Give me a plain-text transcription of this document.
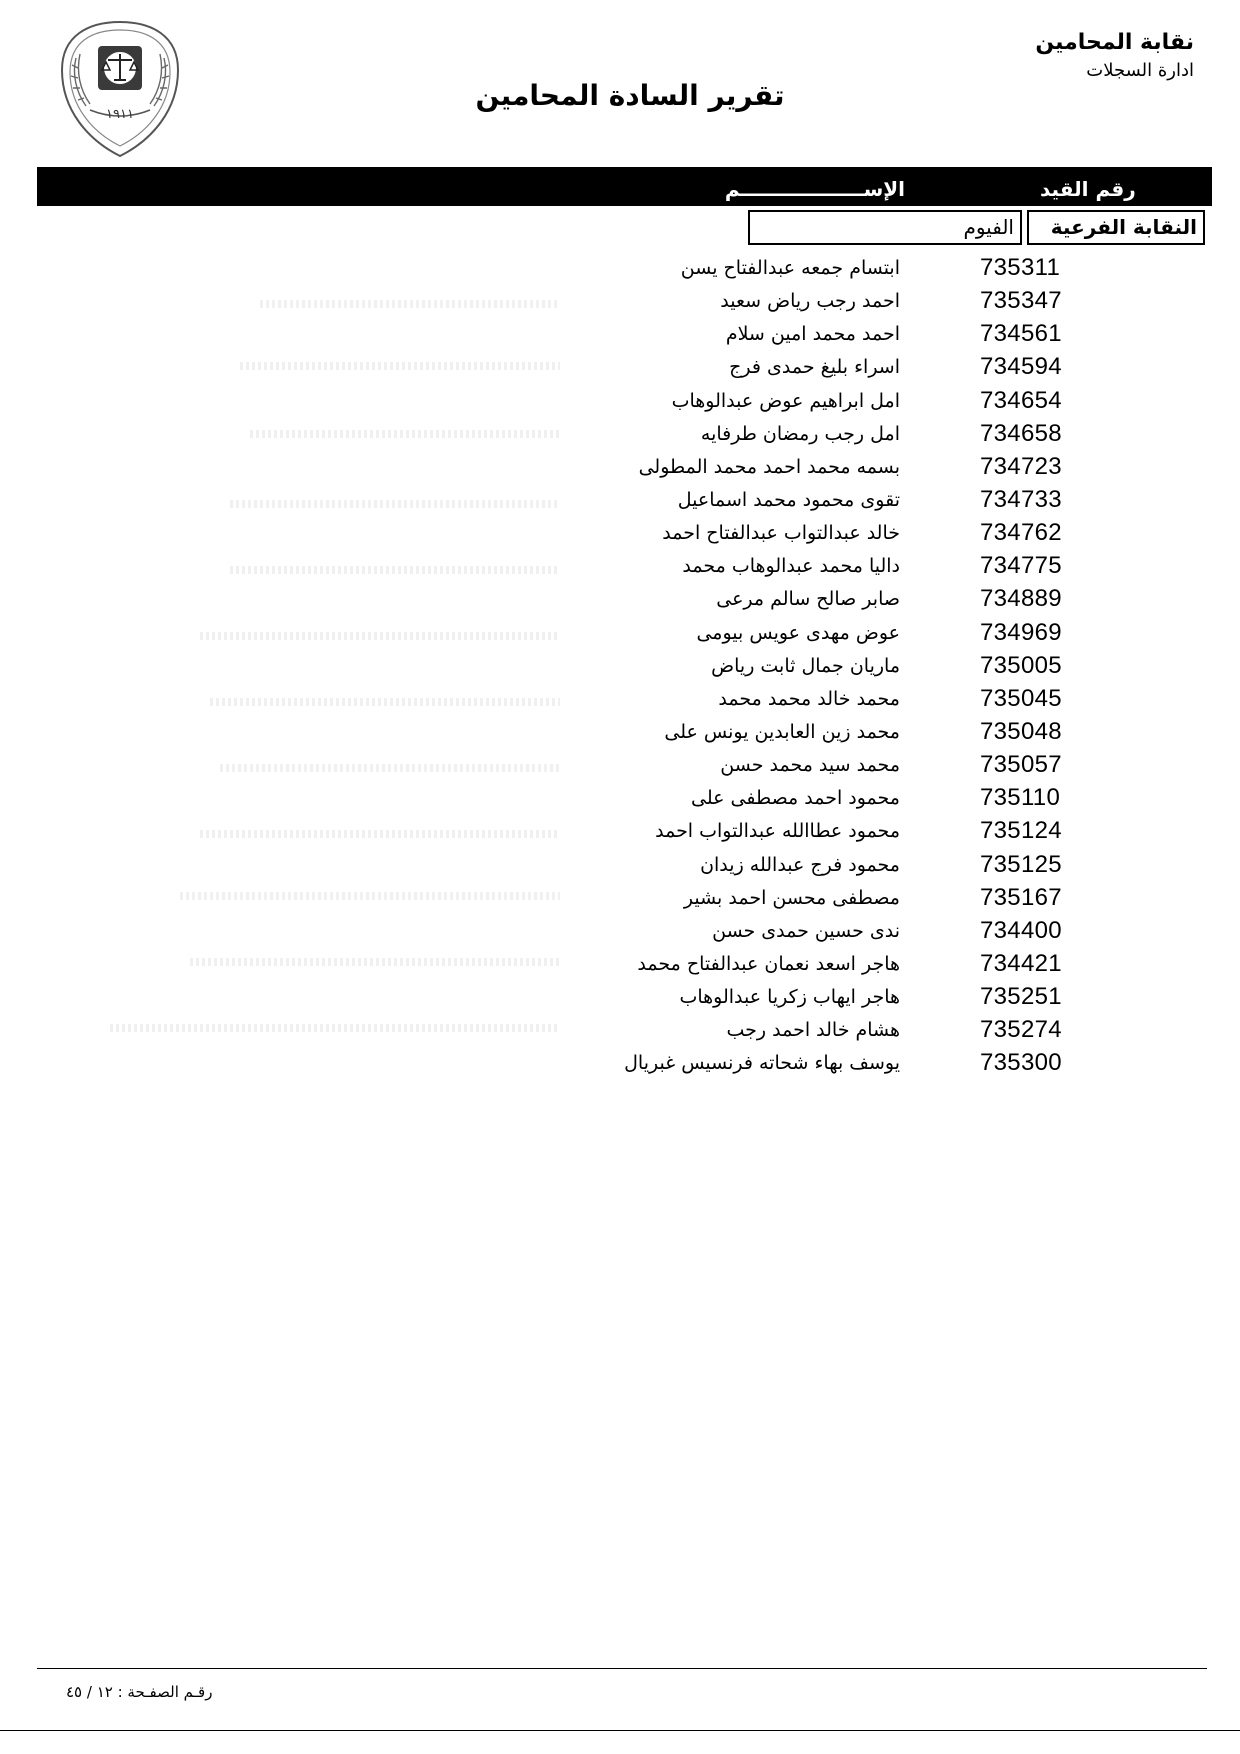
١٩١١
نقابة المحامين
ادارة السجلات
تقرير السادة المحامين
رقم القيد
الإســــــــــــــــــم
النقابة الفرعية
الفيوم
735311
ابتسام جمعه عبدالفتاح يسن
735347
احمد رجب رياض سعيد
734561
احمد محمد امين سلام
734594
اسراء بليغ حمدى فرج
734654
امل ابراهيم عوض عبدالوهاب
734658
امل رجب رمضان طرفايه
734723
بسمه محمد احمد محمد المطولى
734733
تقوى محمود محمد اسماعيل
734762
خالد عبدالتواب عبدالفتاح احمد
734775
داليا محمد عبدالوهاب محمد
734889
صابر صالح سالم مرعى
734969
عوض مهدى عويس بيومى
735005
ماريان جمال ثابت رياض
735045
محمد خالد محمد محمد
735048
محمد زين العابدين يونس على
735057
محمد سيد محمد حسن
735110
محمود احمد مصطفى على
735124
محمود عطاالله عبدالتواب احمد
735125
محمود فرج عبدالله زيدان
735167
مصطفى محسن احمد بشير
734400
ندى حسين حمدى حسن
734421
هاجر اسعد نعمان عبدالفتاح محمد
735251
هاجر ايهاب زكريا عبدالوهاب
735274
هشام خالد احمد رجب
735300
يوسف بهاء شحاته فرنسيس غبريال
رقـم الصفـحة : ١٢ / ٤٥
